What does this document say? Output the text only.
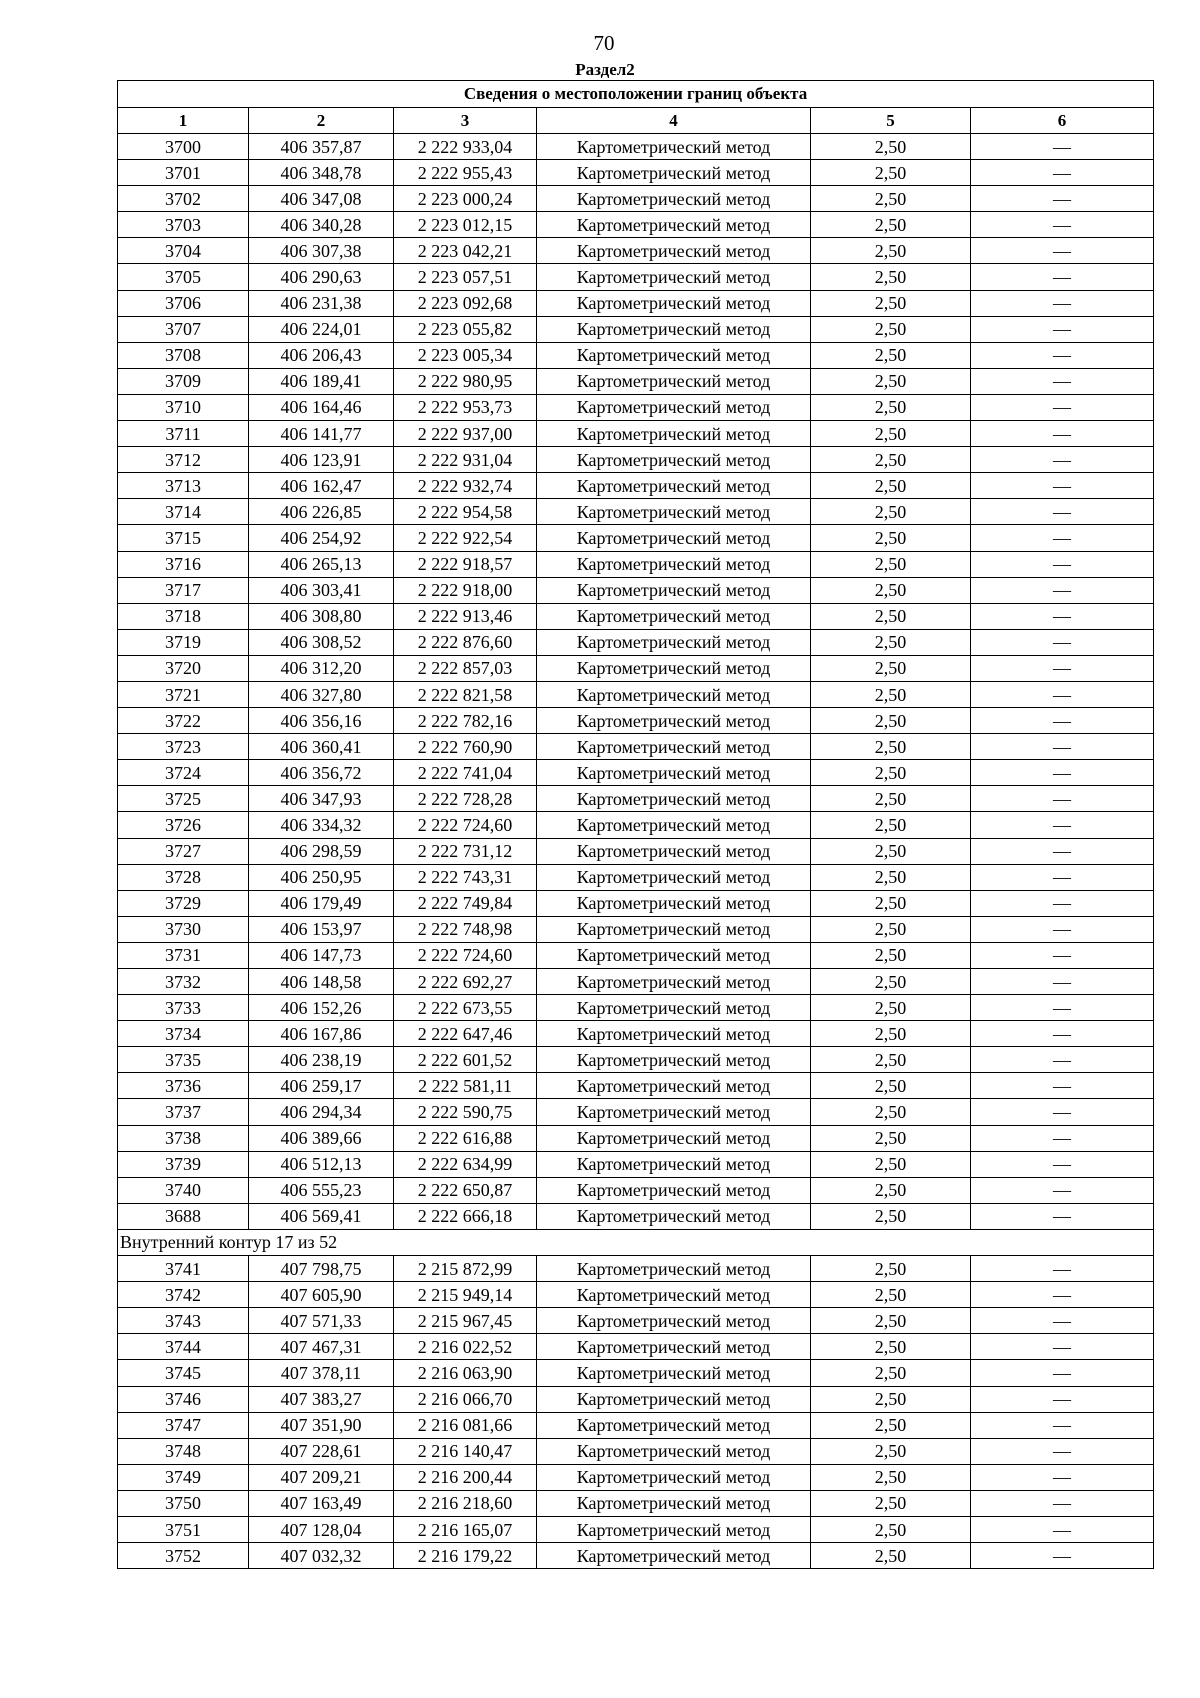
70
Раздел2
Сведения о местоположении границ объекта					
1	2	3	4	5	6
3700	406 357,87	2 222 933,04	Картометрический метод	2,50	—
3701	406 348,78	2 222 955,43	Картометрический метод	2,50	—
3702	406 347,08	2 223 000,24	Картометрический метод	2,50	—
3703	406 340,28	2 223 012,15	Картометрический метод	2,50	—
3704	406 307,38	2 223 042,21	Картометрический метод	2,50	—
3705	406 290,63	2 223 057,51	Картометрический метод	2,50	—
3706	406 231,38	2 223 092,68	Картометрический метод	2,50	—
3707	406 224,01	2 223 055,82	Картометрический метод	2,50	—
3708	406 206,43	2 223 005,34	Картометрический метод	2,50	—
3709	406 189,41	2 222 980,95	Картометрический метод	2,50	—
3710	406 164,46	2 222 953,73	Картометрический метод	2,50	—
3711	406 141,77	2 222 937,00	Картометрический метод	2,50	—
3712	406 123,91	2 222 931,04	Картометрический метод	2,50	—
3713	406 162,47	2 222 932,74	Картометрический метод	2,50	—
3714	406 226,85	2 222 954,58	Картометрический метод	2,50	—
3715	406 254,92	2 222 922,54	Картометрический метод	2,50	—
3716	406 265,13	2 222 918,57	Картометрический метод	2,50	—
3717	406 303,41	2 222 918,00	Картометрический метод	2,50	—
3718	406 308,80	2 222 913,46	Картометрический метод	2,50	—
3719	406 308,52	2 222 876,60	Картометрический метод	2,50	—
3720	406 312,20	2 222 857,03	Картометрический метод	2,50	—
3721	406 327,80	2 222 821,58	Картометрический метод	2,50	—
3722	406 356,16	2 222 782,16	Картометрический метод	2,50	—
3723	406 360,41	2 222 760,90	Картометрический метод	2,50	—
3724	406 356,72	2 222 741,04	Картометрический метод	2,50	—
3725	406 347,93	2 222 728,28	Картометрический метод	2,50	—
3726	406 334,32	2 222 724,60	Картометрический метод	2,50	—
3727	406 298,59	2 222 731,12	Картометрический метод	2,50	—
3728	406 250,95	2 222 743,31	Картометрический метод	2,50	—
3729	406 179,49	2 222 749,84	Картометрический метод	2,50	—
3730	406 153,97	2 222 748,98	Картометрический метод	2,50	—
3731	406 147,73	2 222 724,60	Картометрический метод	2,50	—
3732	406 148,58	2 222 692,27	Картометрический метод	2,50	—
3733	406 152,26	2 222 673,55	Картометрический метод	2,50	—
3734	406 167,86	2 222 647,46	Картометрический метод	2,50	—
3735	406 238,19	2 222 601,52	Картометрический метод	2,50	—
3736	406 259,17	2 222 581,11	Картометрический метод	2,50	—
3737	406 294,34	2 222 590,75	Картометрический метод	2,50	—
3738	406 389,66	2 222 616,88	Картометрический метод	2,50	—
3739	406 512,13	2 222 634,99	Картометрический метод	2,50	—
3740	406 555,23	2 222 650,87	Картометрический метод	2,50	—
3688	406 569,41	2 222 666,18	Картометрический метод	2,50	—
Внутренний контур 17 из 52					
3741	407 798,75	2 215 872,99	Картометрический метод	2,50	—
3742	407 605,90	2 215 949,14	Картометрический метод	2,50	—
3743	407 571,33	2 215 967,45	Картометрический метод	2,50	—
3744	407 467,31	2 216 022,52	Картометрический метод	2,50	—
3745	407 378,11	2 216 063,90	Картометрический метод	2,50	—
3746	407 383,27	2 216 066,70	Картометрический метод	2,50	—
3747	407 351,90	2 216 081,66	Картометрический метод	2,50	—
3748	407 228,61	2 216 140,47	Картометрический метод	2,50	—
3749	407 209,21	2 216 200,44	Картометрический метод	2,50	—
3750	407 163,49	2 216 218,60	Картометрический метод	2,50	—
3751	407 128,04	2 216 165,07	Картометрический метод	2,50	—
3752	407 032,32	2 216 179,22	Картометрический метод	2,50	—
